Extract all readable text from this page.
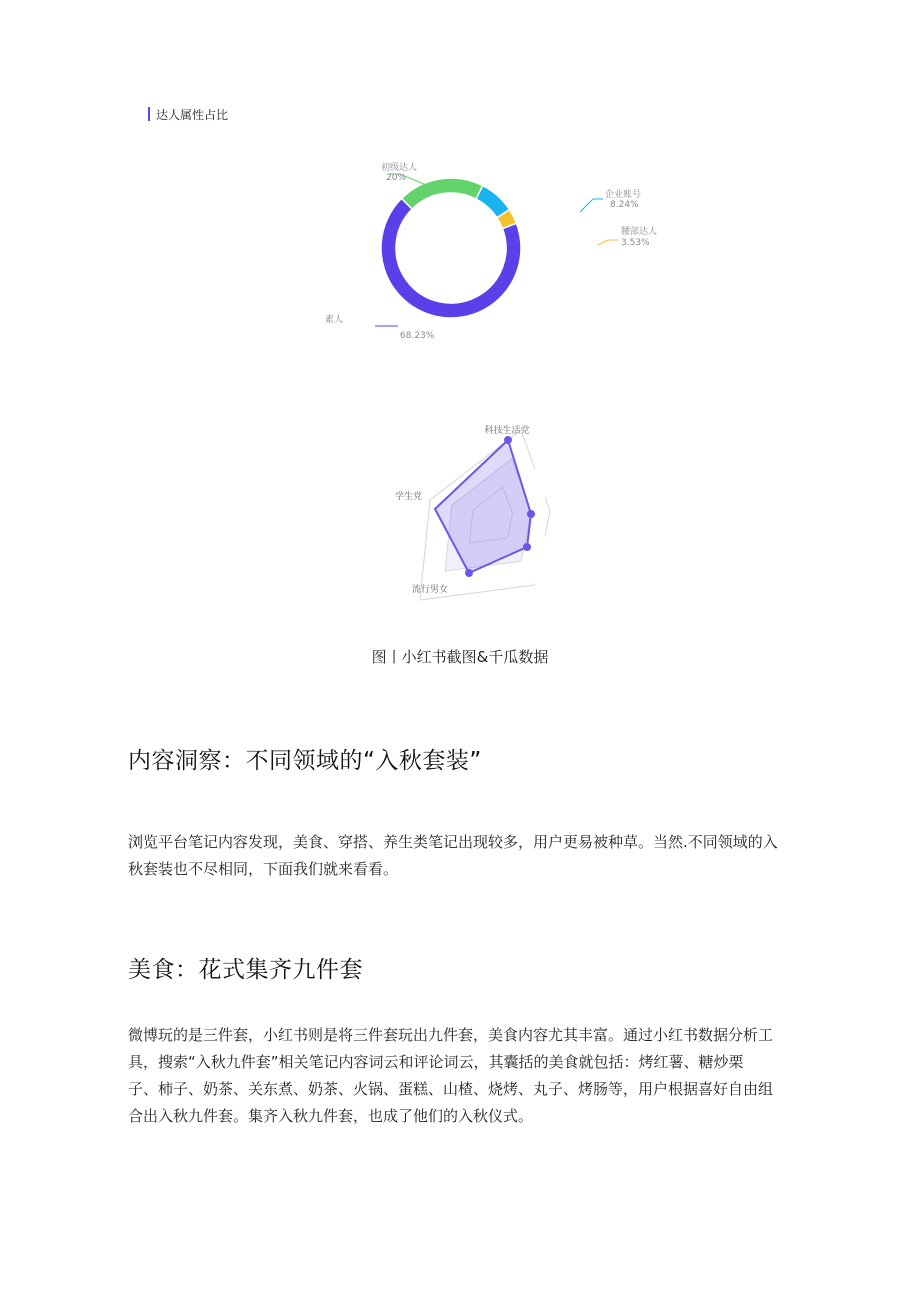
达人属性占比
素人
68.23%
初级达人
20%
企业账号
8.24%
腰部达人
3.53%
科技生活党
学生党
流行男女
图丨小红书截图&千瓜数据
内容洞察：不同领域的“入秋套装”

浏览平台笔记内容发现，美食、穿搭、养生类笔记出现较多，用户更易被种草。当然.不同领域的入
秋套装也不尽相同，下面我们就来看看。

美食：花式集齐九件套

微博玩的是三件套，小红书则是将三件套玩出九件套，美食内容尤其丰富。通过小红书数据分析工
具，搜索“入秋九件套”相关笔记内容词云和评论词云，其囊括的美食就包括：烤红薯、糖炒栗
子、柿子、奶茶、关东煮、奶茶、火锅、蛋糕、山楂、烧烤、丸子、烤肠等，用户根据喜好自由组
合出入秋九件套。集齐入秋九件套，也成了他们的入秋仪式。
